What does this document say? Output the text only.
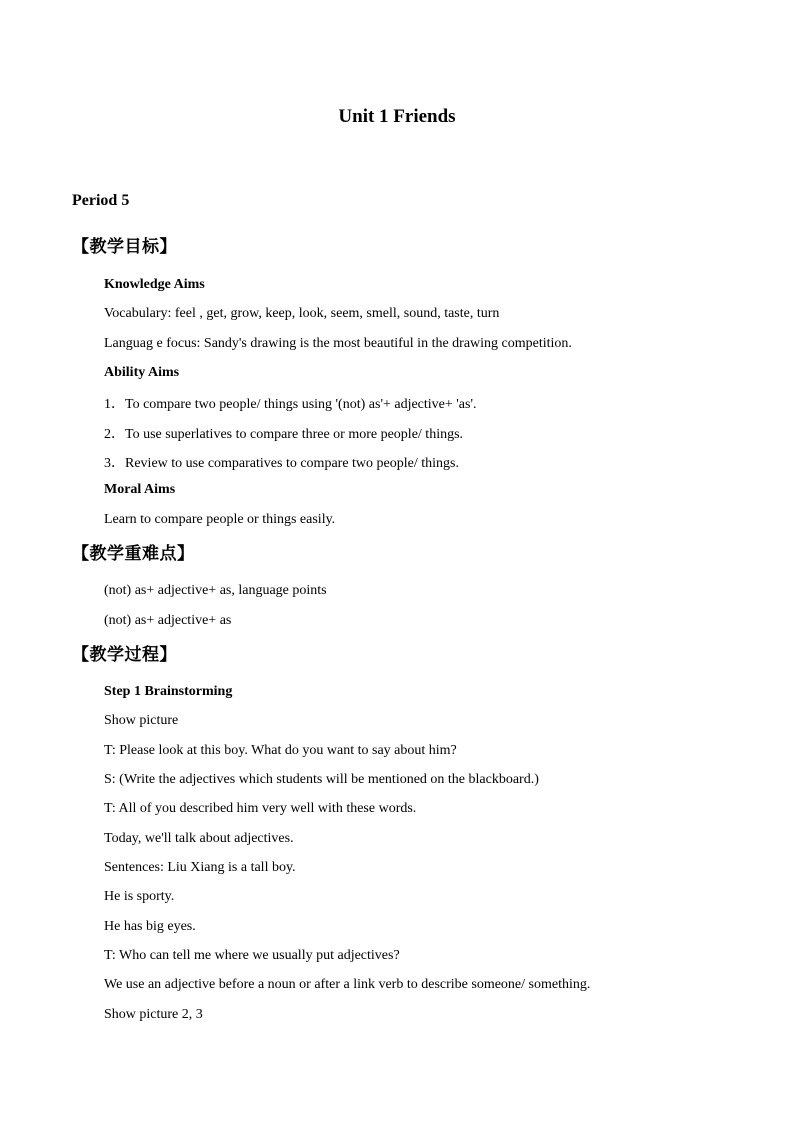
Unit 1 Friends
Period 5
【教学目标】

Knowledge Aims

Vocabulary: feel , get, grow, keep, look, seem, smell, sound, taste, turn

Languag e focus: Sandy's drawing is the most beautiful in the drawing competition.

Ability Aims

1．To compare two people/ things using '(not) as'+ adjective+ 'as'.

2．To use superlatives to compare three or more people/ things.

3．Review to use comparatives to compare two people/ things.

Moral Aims

Learn to compare people or things easily.

【教学重难点】

(not) as+ adjective+ as, language points

(not) as+ adjective+ as

【教学过程】

Step 1 Brainstorming

Show picture

T: Please look at this boy. What do you want to say about him?

S: (Write the adjectives which students will be mentioned on the blackboard.)

T: All of you described him very well with these words.

Today, we'll talk about adjectives.

Sentences: Liu Xiang is a tall boy.

He is sporty.

He has big eyes.

T: Who can tell me where we usually put adjectives?

We use an adjective before a noun or after a link verb to describe someone/ something.

Show picture 2, 3
